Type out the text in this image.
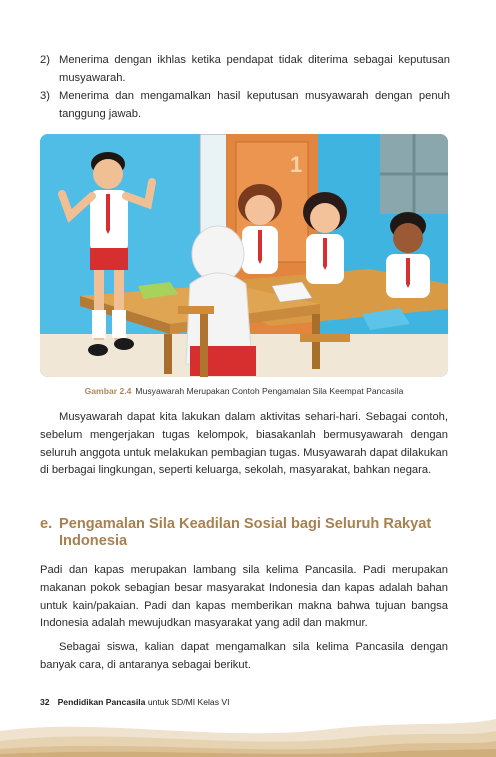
2) Menerima dengan ikhlas ketika pendapat tidak diterima sebagai keputusan musyawarah.
3) Menerima dan mengamalkan hasil keputusan musyawarah dengan penuh tanggung jawab.
1
Gambar 2.4 Musyawarah Merupakan Contoh Pengamalan Sila Keempat Pancasila

Musyawarah dapat kita lakukan dalam aktivitas sehari-hari. Sebagai contoh, sebelum mengerjakan tugas kelompok, biasakanlah bermusyawarah dengan seluruh anggota untuk melakukan pembagian tugas. Musyawarah dapat dilakukan di berbagai lingkungan, seperti keluarga, sekolah, masyarakat, bahkan negara.

e. Pengamalan Sila Keadilan Sosial bagi Seluruh Rakyat Indonesia

Padi dan kapas merupakan lambang sila kelima Pancasila. Padi merupakan makanan pokok sebagian besar masyarakat Indonesia dan kapas adalah bahan untuk kain/pakaian. Padi dan kapas memberikan makna bahwa tujuan bangsa Indonesia adalah mewujudkan masyarakat yang adil dan makmur.

Sebagai siswa, kalian dapat mengamalkan sila kelima Pancasila dengan banyak cara, di antaranya sebagai berikut.

32 Pendidikan Pancasila untuk SD/MI Kelas VI
